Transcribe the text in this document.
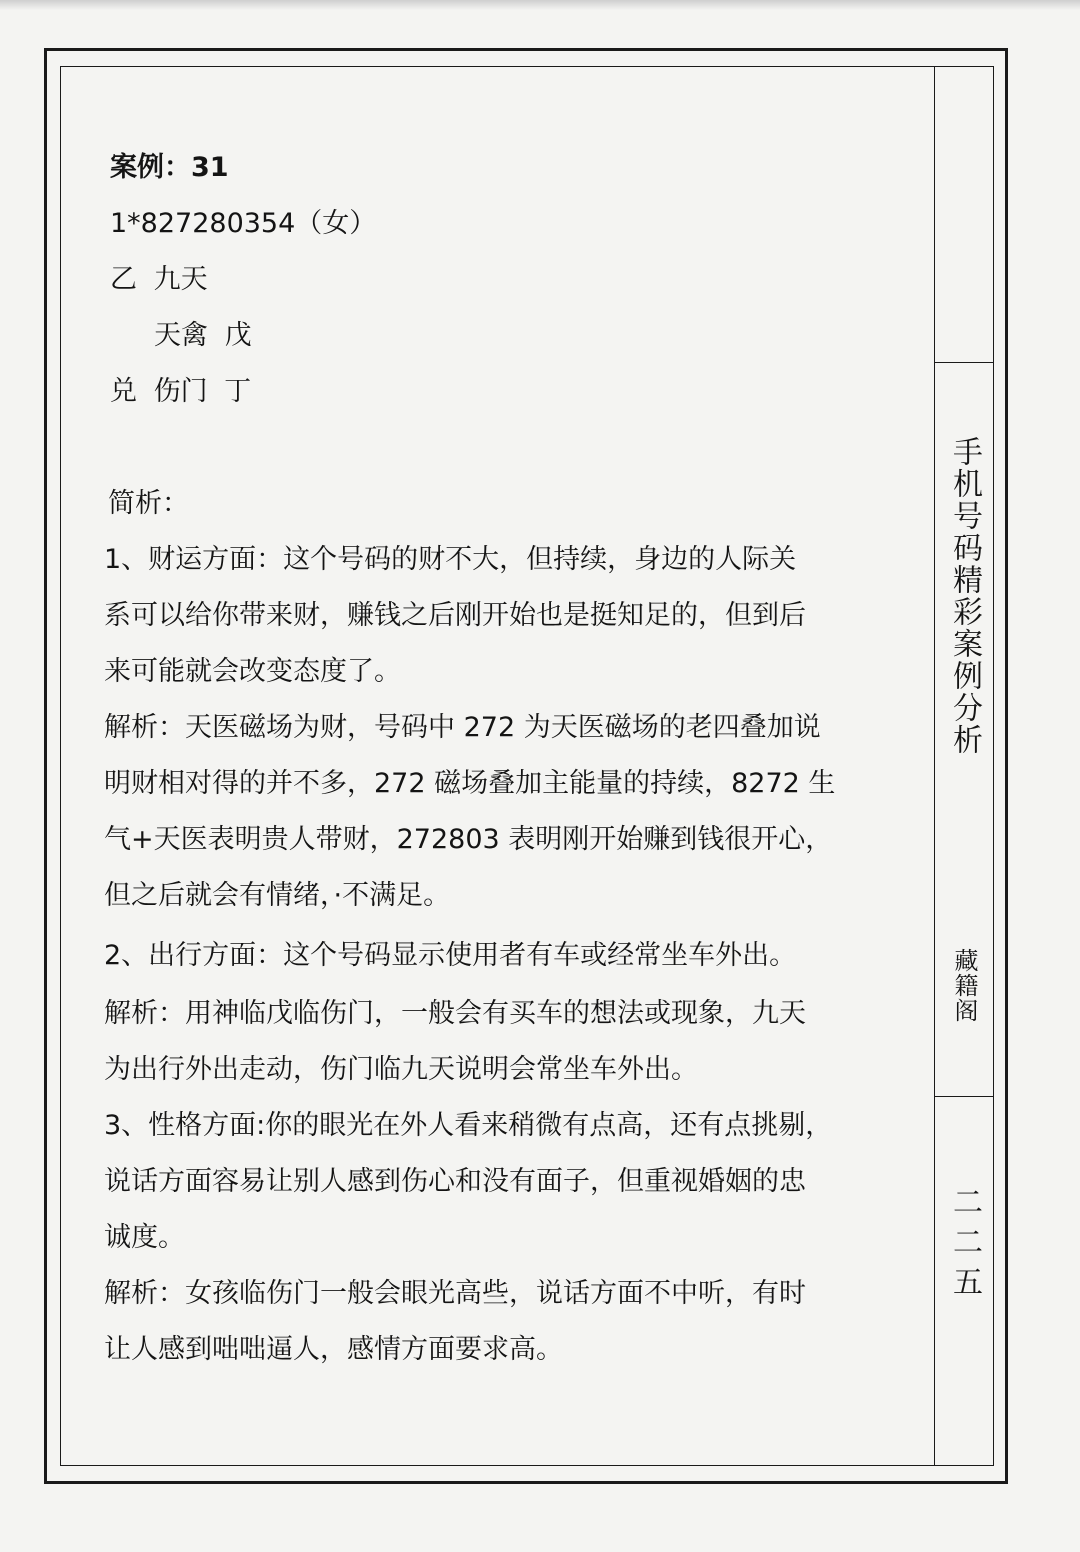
手机号码精彩案例分析
藏籍阁
二二五
案例：31
1*827280354（女）
乙 九天
天禽 戊
兑 伤门 丁
简析：
1、财运方面：这个号码的财不大，但持续，身边的人际关
系可以给你带来财，赚钱之后刚开始也是挺知足的，但到后
来可能就会改变态度了。
解析：天医磁场为财，号码中 272 为天医磁场的老四叠加说
明财相对得的并不多，272 磁场叠加主能量的持续，8272 生
气+天医表明贵人带财，272803 表明刚开始赚到钱很开心，
但之后就会有情绪，·不满足。
2、出行方面：这个号码显示使用者有车或经常坐车外出。
解析：用神临戊临伤门，一般会有买车的想法或现象，九天
为出行外出走动，伤门临九天说明会常坐车外出。
3、性格方面:你的眼光在外人看来稍微有点高，还有点挑剔，
说话方面容易让别人感到伤心和没有面子，但重视婚姻的忠
诚度。
解析：女孩临伤门一般会眼光高些，说话方面不中听，有时
让人感到咄咄逼人，感情方面要求高。
